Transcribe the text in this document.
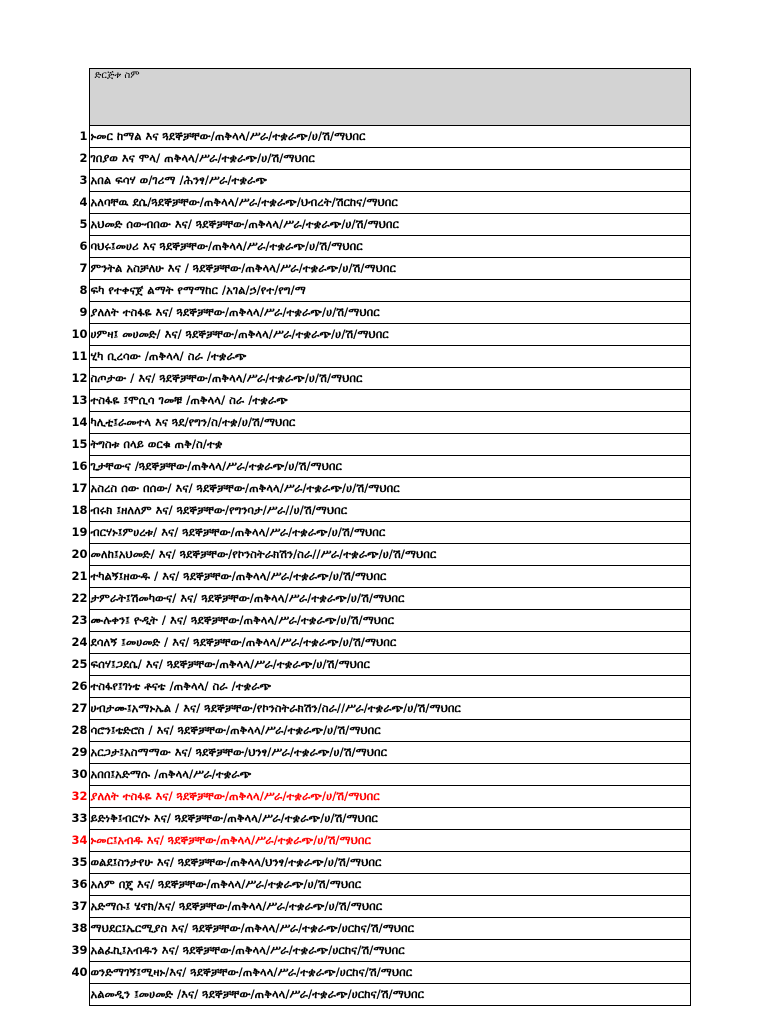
	ድርጅቱ ስም
1	ኑመር ከማል እና ጓደኞቻቸው/ጠቅላላ/ሥራ/ተቋራጭ/ሀ/ሽ/ማህበር
2	ገበያወ እና ሞላ/ ጠቅላላ/ሥራ/ተቋራጭ/ሀ/ሽ/ማህበር
3	አበል ፍሳሃ ወ/ገሪማ /ሕንፃ/ሥራ/ተቋራጭ
4	አለባቸዉ ደሴ/ጓደኞቻቸው/ጠቅላላ/ሥራ/ተቋራጭ/ህብረት/ሽርከና/ማህበር
5	አህመድ ሰውብበው እና/ ጓደኞቻቸው/ጠቅላላ/ሥራ/ተቋራጭ/ሀ/ሽ/ማህበር
6	ባህሩ፤መሀሪ እና ጓደኞቻቸው/ጠቅላላ/ሥራ/ተቋራጭ/ሀ/ሽ/ማህበር
7	ምንትል አስቻለሁ እና / ጓደኞቻቸው/ጠቅላላ/ሥራ/ተቋራጭ/ሀ/ሽ/ማህበር
8	ፍካ የተቀናጀ ልማት የማማከር /አገል/ኃ/የተ/የግ/ማ
9	ያለለት ተስፋዬ እና/ ጓደኞቻቸው/ጠቅላላ/ሥራ/ተቋራጭ/ሀ/ሽ/ማህበር
10	ሀምዛ፤ መሀመድ/ እና/ ጓደኞቻቸው/ጠቅላላ/ሥራ/ተቋራጭ/ሀ/ሽ/ማህበር
11	ሂካ ቢረሳው /ጠቅላላ/ ስራ /ተቋራጭ
12	ስጦታው / እና/ ጓደኞቻቸው/ጠቅላላ/ሥራ/ተቋራጭ/ሀ/ሽ/ማህበር
13	ተስፋዬ ፤ሞሲሳ ገመቹ /ጠቅላላ/ ስራ /ተቋራጭ
14	ካሊቲ፤ራመተላ እና ጓደ/የግን/ስ/ተቋ/ሀ/ሽ/ማህበር
15	ትግስቱ በላይ ወርቁ ጠቅ/ስ/ተቋ
16	ጊታቸውና /ጓደኞቻቸው/ጠቅላላ/ሥራ/ተቋራጭ/ሀ/ሽ/ማህበር
17	አስረስ ሰው በሰው/ እና/ ጓደኞቻቸው/ጠቅላላ/ሥራ/ተቋራጭ/ሀ/ሽ/ማህበር
18	ብሩክ ፤ዘለለም እና/ ጓደኞቻቸው/የግንባታ/ሥራ//ሀ/ሽ/ማህበር
19	ብርሃኑ፤ምሀረቱ/ እና/ ጓደኞቻቸው/ጠቅላላ/ሥራ/ተቋራጭ/ሀ/ሽ/ማህበር
20	መለከ፤አህመድ/ እና/ ጓደኞቻቸው/የኮንስትራክሽን/ስራ//ሥራ/ተቋራጭ/ሀ/ሽ/ማህበር
21	ተካልኝ፤ዘውዱ / እና/ ጓደኞቻቸው/ጠቅላላ/ሥራ/ተቋራጭ/ሀ/ሽ/ማህበር
22	ታምራት፤ሽመካውና/ እና/ ጓደኞቻቸው/ጠቅላላ/ሥራ/ተቋራጭ/ሀ/ሽ/ማህበር
23	ሙሉቀን፤ ዮዲት / እና/ ጓደኞቻቸው/ጠቅላላ/ሥራ/ተቋራጭ/ሀ/ሽ/ማህበር
24	ደሳለኝ ፤መሀመድ / እና/ ጓደኞቻቸው/ጠቅላላ/ሥራ/ተቋራጭ/ሀ/ሽ/ማህበር
25	ፍሰሃ፤ጋደሴ/ እና/ ጓደኞቻቸው/ጠቅላላ/ሥራ/ተቋራጭ/ሀ/ሽ/ማህበር
26	ተስፋየ፤ገነቴ ቶናቴ /ጠቅላላ/ ስራ /ተቋራጭ
27	ሀብታሙ፤አማኑኤል / እና/ ጓደኞቻቸው/የኮንስትራክሽን/ስራ//ሥራ/ተቋራጭ/ሀ/ሽ/ማህበር
28	ሳሮን፤ቴድሮስ / እና/ ጓደኞቻቸው/ጠቅላላ/ሥራ/ተቋራጭ/ሀ/ሽ/ማህበር
29	አርጋታ፤አስማማው እና/ ጓደኞቻቸው/ህንፃ/ሥራ/ተቋራጭ/ሀ/ሽ/ማህበር
30	አበበ፤አድማሱ /ጠቅላላ/ሥራ/ተቋራጭ
32	ያለለት ተስፋዬ እና/ ጓደኞቻቸው/ጠቅላላ/ሥራ/ተቋራጭ/ሀ/ሽ/ማህበር
33	ይድነቅ፤ብርሃኑ እና/ ጓደኞቻቸው/ጠቅላላ/ሥራ/ተቋራጭ/ሀ/ሽ/ማህበር
34	ኑመር፤አብዱ እና/ ጓደኞቻቸው/ጠቅላላ/ሥራ/ተቋራጭ/ሀ/ሽ/ማህበር
35	ወልደ፤ስንታየሁ እና/ ጓደኞቻቸው/ጠቅላላ/ህንፃ/ተቋራጭ/ሀ/ሽ/ማህበር
36	አለም በጄ እና/ ጓደኞቻቸው/ጠቅላላ/ሥራ/ተቋራጭ/ሀ/ሽ/ማህበር
37	አድማሱ፤ ሄኖክ/እና/ ጓደኞቻቸው/ጠቅላላ/ሥራ/ተቋራጭ/ሀ/ሽ/ማህበር
38	ማህደር፤ኤርሚያስ እና/ ጓደኞቻቸው/ጠቅላላ/ሥራ/ተቋራጭ/ሀርከና/ሽ/ማህበር
39	አልፈኪ፤አብዱን እና/ ጓደኞቻቸው/ጠቅላላ/ሥራ/ተቋራጭ/ሀርከና/ሽ/ማህበር
40	ወንድማገኝ፤ሚዛኑ/እና/ ጓደኞቻቸው/ጠቅላላ/ሥራ/ተቋራጭ/ሀርከና/ሽ/ማህበር
	አልመዲን ፤መሀመድ /እና/ ጓደኞቻቸው/ጠቅላላ/ሥራ/ተቋራጭ/ሀርከና/ሽ/ማህበር
